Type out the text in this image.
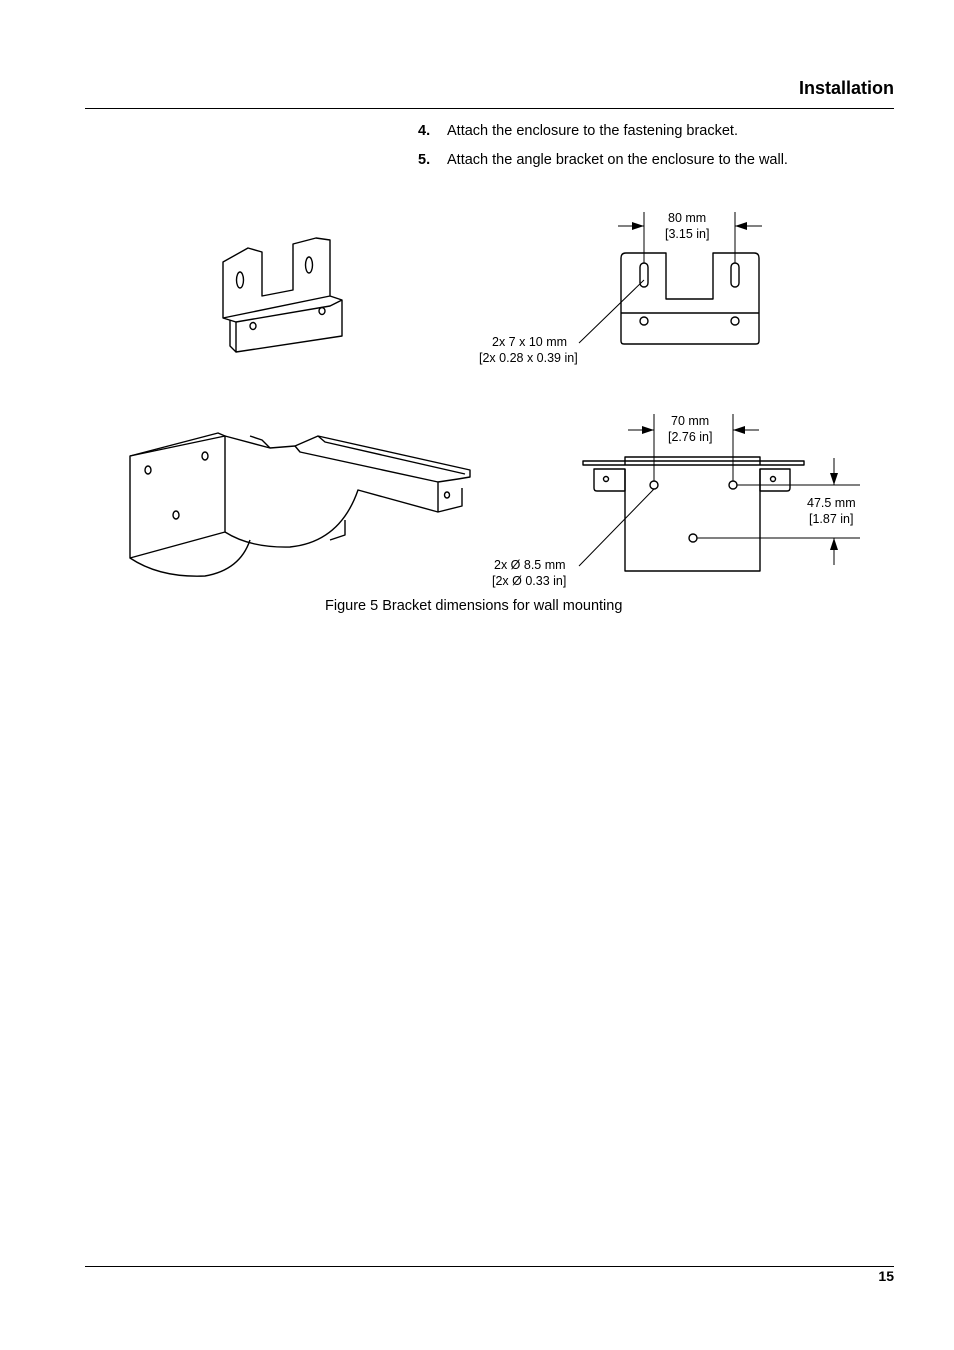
Installation
4. Attach the enclosure to the fastening bracket.
5. Attach the angle bracket on the enclosure to the wall.
80 mm
[3.15 in]
2x 7 x 10 mm
[2x 0.28 x 0.39 in]
70 mm
[2.76 in]
47.5 mm
[1.87 in]
2x Ø 8.5 mm
[2x Ø 0.33 in]
Figure 5 Bracket dimensions for wall mounting
15
